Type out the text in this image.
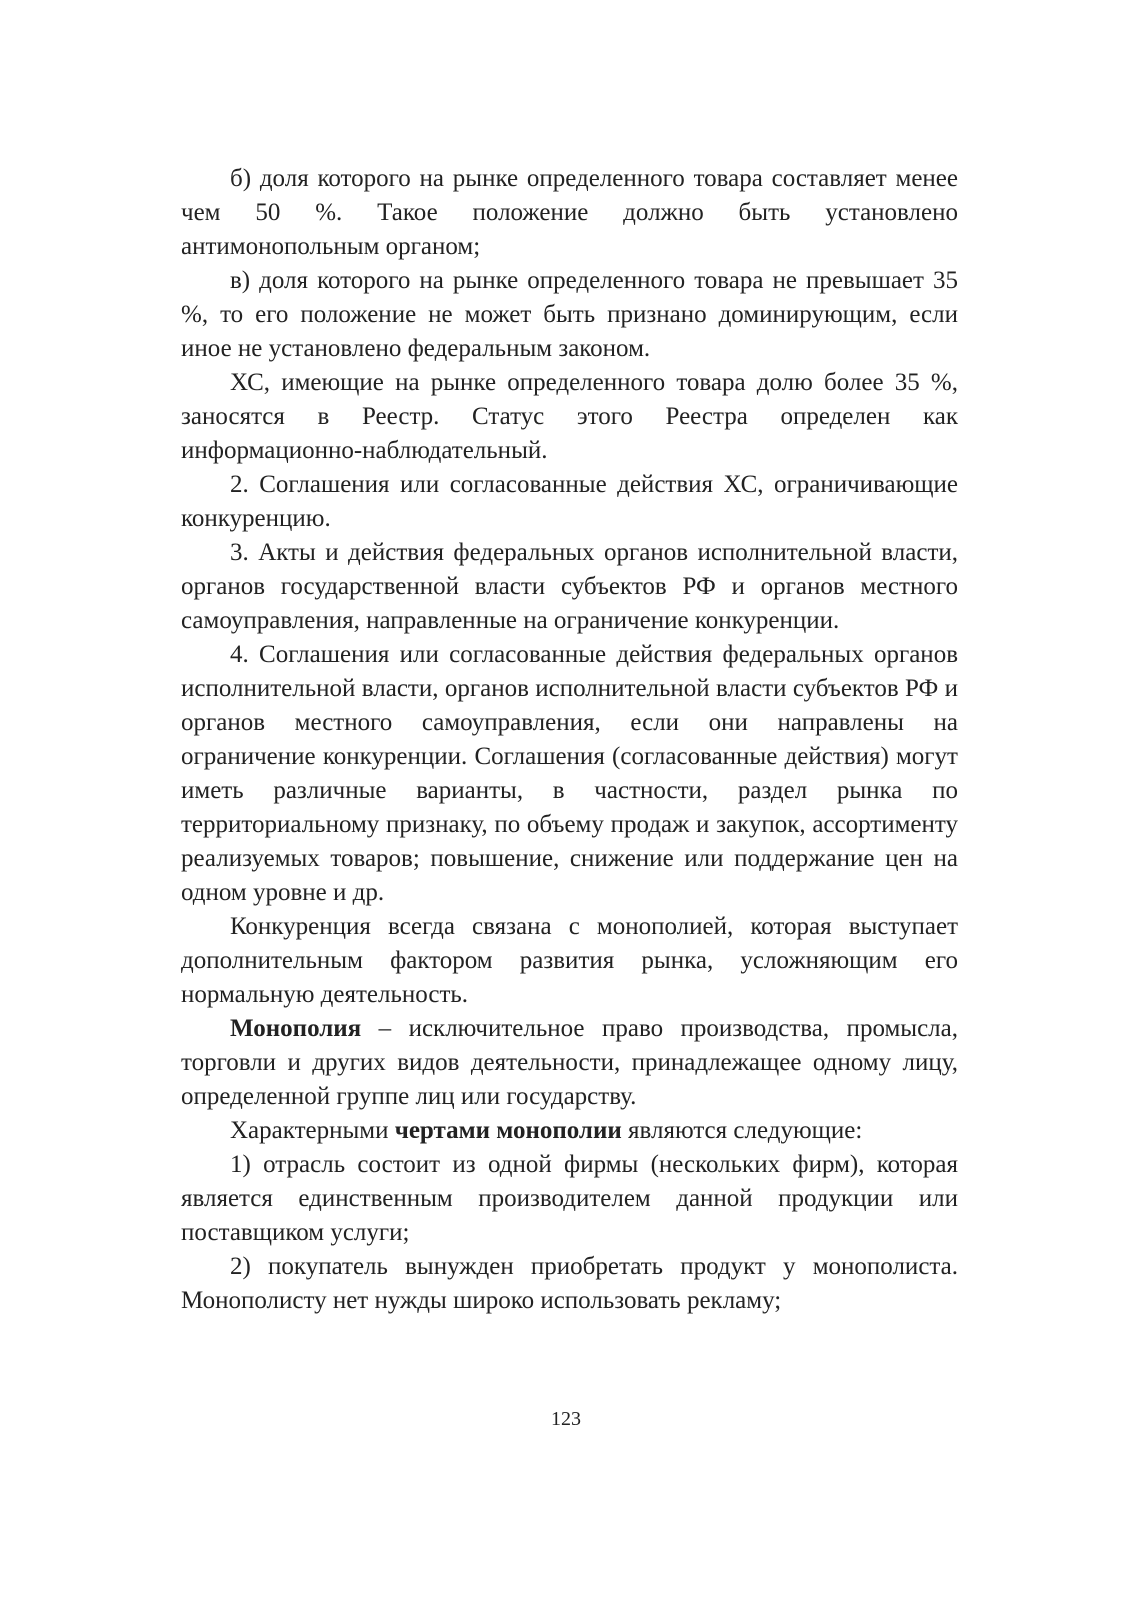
б) доля которого на рынке определенного товара составляет менее чем 50 %. Такое положение должно быть установлено антимонопольным органом;

в) доля которого на рынке определенного товара не превышает 35 %, то его положение не может быть признано доминирующим, если иное не установлено федеральным законом.

ХС, имеющие на рынке определенного товара долю более 35 %, заносятся в Реестр. Статус этого Реестра определен как информационно-наблюдательный.

2. Соглашения или согласованные действия ХС, ограничивающие конкуренцию.

3. Акты и действия федеральных органов исполнительной власти, органов государственной власти субъектов РФ и органов местного самоуправления, направленные на ограничение конкуренции.

4. Соглашения или согласованные действия федеральных органов исполнительной власти, органов исполнительной власти субъектов РФ и органов местного самоуправления, если они направлены на ограничение конкуренции. Соглашения (согласованные действия) могут иметь различные варианты, в частности, раздел рынка по территориальному признаку, по объему продаж и закупок, ассортименту реализуемых товаров; повышение, снижение или поддержание цен на одном уровне и др.

Конкуренция всегда связана с монополией, которая выступает дополнительным фактором развития рынка, усложняющим его нормальную деятельность.

Монополия – исключительное право производства, промысла, торговли и других видов деятельности, принадлежащее одному лицу, определенной группе лиц или государству.

Характерными чертами монополии являются следующие:

1) отрасль состоит из одной фирмы (нескольких фирм), которая является единственным производителем данной продукции или поставщиком услуги;

2) покупатель вынужден приобретать продукт у монополиста. Монополисту нет нужды широко использовать рекламу;

123
